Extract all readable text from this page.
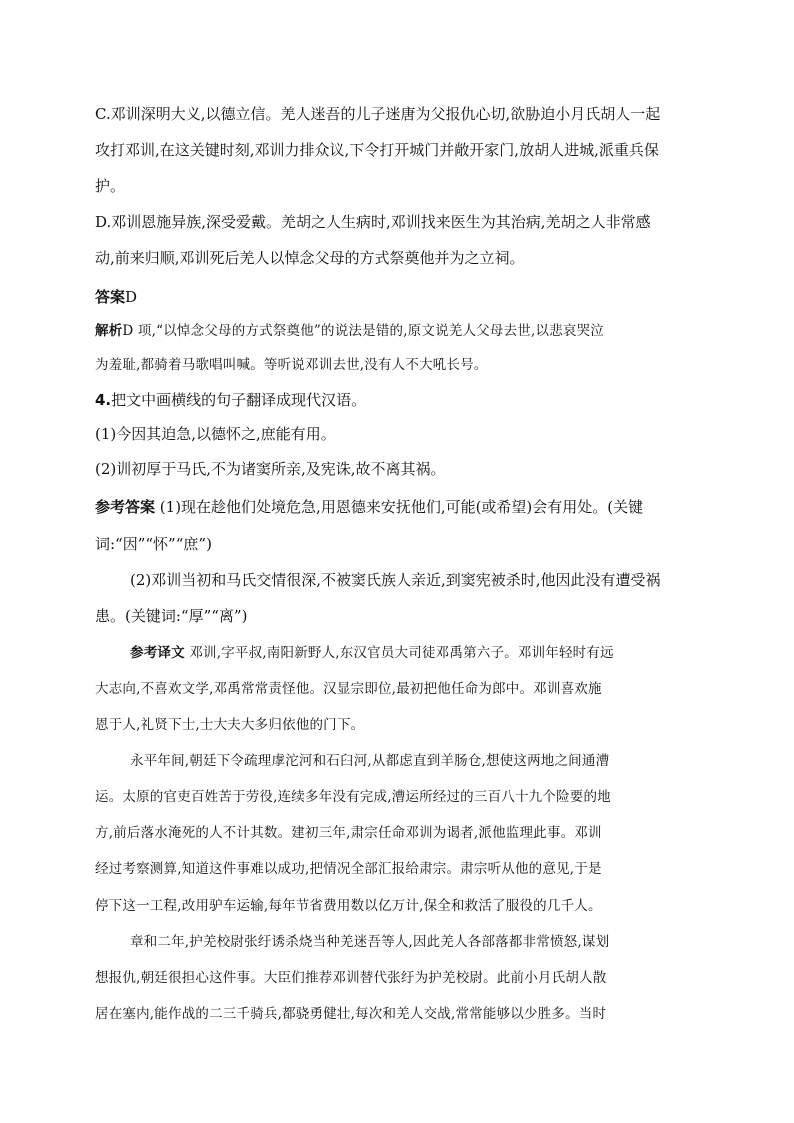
C.邓训深明大义,以德立信。羌人迷吾的儿子迷唐为父报仇心切,欲胁迫小月氏胡人一起
攻打邓训,在这关键时刻,邓训力排众议,下令打开城门并敞开家门,放胡人进城,派重兵保
护。
D.邓训恩施异族,深受爱戴。羌胡之人生病时,邓训找来医生为其治病,羌胡之人非常感
动,前来归顺,邓训死后羌人以悼念父母的方式祭奠他并为之立祠。
答案D
解析D 项,“以悼念父母的方式祭奠他”的说法是错的,原文说羌人父母去世,以悲哀哭泣
为羞耻,都骑着马歌唱叫喊。等听说邓训去世,没有人不大吼长号。
4.把文中画横线的句子翻译成现代汉语。
(1)今因其迫急,以德怀之,庶能有用。
(2)训初厚于马氏,不为诸窦所亲,及宪诛,故不离其祸。
参考答案 (1)现在趁他们处境危急,用恩德来安抚他们,可能(或希望)会有用处。(关键
词:“因”“怀”“庶”)
(2)邓训当初和马氏交情很深,不被窦氏族人亲近,到窦宪被杀时,他因此没有遭受祸
患。(关键词:“厚”“离”)
参考译文 邓训,字平叔,南阳新野人,东汉官员大司徒邓禹第六子。邓训年轻时有远
大志向,不喜欢文学,邓禹常常责怪他。汉显宗即位,最初把他任命为郎中。邓训喜欢施
恩于人,礼贤下士,士大夫大多归依他的门下。
永平年间,朝廷下令疏理虖沱河和石臼河,从都虑直到羊肠仓,想使这两地之间通漕
运。太原的官吏百姓苦于劳役,连续多年没有完成,漕运所经过的三百八十九个险要的地
方,前后落水淹死的人不计其数。建初三年,肃宗任命邓训为谒者,派他监理此事。邓训
经过考察测算,知道这件事难以成功,把情况全部汇报给肃宗。肃宗听从他的意见,于是
停下这一工程,改用驴车运输,每年节省费用数以亿万计,保全和救活了服役的几千人。
章和二年,护羌校尉张纡诱杀烧当种羌迷吾等人,因此羌人各部落都非常愤怒,谋划
想报仇,朝廷很担心这件事。大臣们推荐邓训替代张纡为护羌校尉。此前小月氏胡人散
居在塞内,能作战的二三千骑兵,都骁勇健壮,每次和羌人交战,常常能够以少胜多。当时
